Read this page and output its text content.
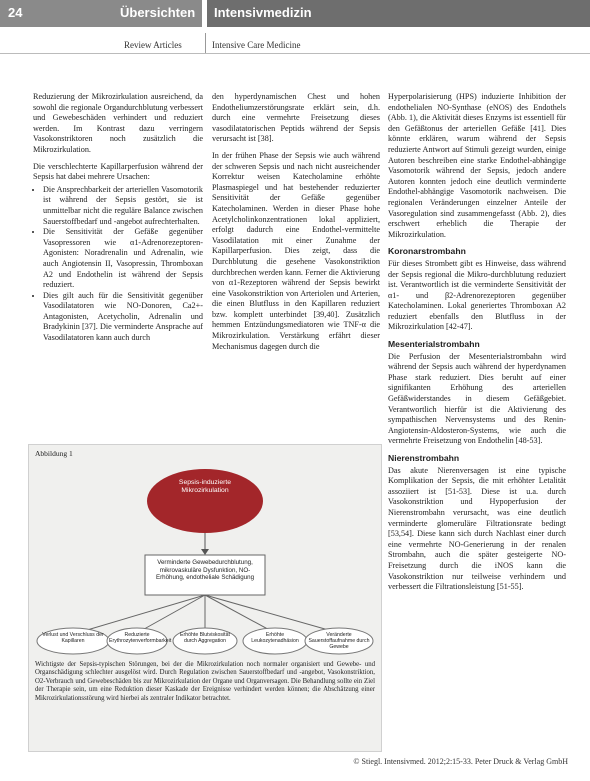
24	Übersichten Intensivmedizin
Review Articles	Intensive Care Medicine

Reduzierung der Mikrozirkulation ausreichend, da sowohl die regionale Organdurchblutung verbessert und Gewebeschäden verhindert und reduziert werden. Im Kontrast dazu verringern Vasokonstriktoren noch zusätzlich die Mikrozirkulation.

Die verschlechterte Kapillarperfusion während der Sepsis hat dabei mehrere Ursachen:

• Die Ansprechbarkeit der arteriellen Vasomotorik ist während der Sepsis gestört, sie ist unmittelbar nicht die reguläre Balance zwischen Sauerstoffbedarf und -angebot aufrechterhalten.
• Die Sensitivität der Gefäße gegenüber Vasopressoren wie α1-Adrenorezeptoren-Agonisten: Noradrenalin und Adrenalin, wie auch Angiotensin II, Vasopressin, Thromboxan A2 und Endothelin ist während der Sepsis reduziert.
• Dies gilt auch für die Sensitivität gegenüber Vasodilatatoren wie NO-Donoren, Ca2+-Antagonisten, Acetycholin, Adrenalin und Bradykinin [37]. Die verminderte Ansprache auf Vasodilatatoren kann auch durch

den hyperdynamischen Chest und hohen Endotheliumzerstörungsrate erklärt sein, d.h. durch eine vermehrte Freisetzung dieses vasodilatatorischen Peptids während der Sepsis verursacht ist [38].

In der frühen Phase der Sepsis wie auch während der schweren Sepsis und nach nicht ausreichender Korrektur weisen Katecholamine erhöhte Plasmaspiegel und hat bestehender reduzierter Sensitivität der Gefäße gegenüber Katecholaminen. Werden in dieser Phase hohe Acetylcholinkonzentrationen lokal appliziert, erfolgt dadurch eine Endothel-vermittelte Vasodilatation mit einer Zunahme der Kapillarperfusion. Dies zeigt, dass die Durchblutung die gesehene Vasokonstriktion durchbrechen werden kann. Ferner die Aktivierung von α1-Rezeptoren während der Sepsis bewirkt eine Vasokonstriktion von Arteriolen und Arterien, die einen Blutfluss in den Kapillaren reduziert bzw. komplett unterbindet [39,40]. Zusätzlich hemmen Entzündungsmediatoren wie TNF-α die Mikrozirkulation. Verstärkung erfährt dieser Mechanismus dagegen durch die

Hyperpolarisierung (HPS) induzierte Inhibition der endothelialen NO-Synthase (eNOS) des Endothels (Abb. 1), die Aktivität dieses Enzyms ist essentiell für den Gefäßtonus der arteriellen Gefäße [41]. Dies könnte erklären, warum während der Sepsis reduzierte Antwort auf Stimuli gezeigt wurden, einige Autoren beschreiben eine starke Endothel-abhängige Vasomotorik während der Sepsis, jedoch andere Autoren konnten jedoch eine deutlich verminderte Endothel-abhängige Vasomotorik nachweisen. Die regionalen Veränderungen einzelner Anteile der Vasoregulation sind zusammengefasst (Abb. 2), dies erschwert erheblich die Therapie der Mikrozirkulation.

Koronarstrombahn

Für dieses Strombett gibt es Hinweise, dass während der Sepsis regional die Mikro-durchblutung reduziert ist. Verantwortlich ist die verminderte Sensitivität der α1- und β2-Adrenorezeptoren gegenüber Katecholaminen. Lokal generiertes Thromboxan A2 reduziert ebenfalls den Blutfluss in der Mikrozirkulation [42-47].

Mesenterialstrombahn

Die Perfusion der Mesenterialstrombahn wird während der Sepsis auch während der hyperdynamen Phase stark reduziert. Dies beruht auf einer signifikanten Erhöhung des arteriellen Gefäßwiderstandes in diesem Gefäßgebiet. Verantwortlich hierfür ist die Aktivierung des sympathischen Nervensystems und des Renin-Angiotensin-Aldosteron-Systems, wie auch die vermehrte Freisetzung von Endothelin [48-53].

Nierenstrombahn

Das akute Nierenversagen ist eine typische Komplikation der Sepsis, die mit erhöhter Letalität assoziiert ist [51-53]. Diese ist u.a. durch Vasokonstriktion und Hypoperfusion der Nierenstrombahn verursacht, was eine deutlich verminderte glomeruläre Filtrationsrate bedingt [53,54]. Diese kann sich durch Nachlast einer durch eine vermehrte NO-Generierung in der renalen Strombahn, auch die später gesteigerte NO-Freisetzung durch die iNOS kann die Vasokonstriktion nur teilweise verhindern und verbessert die Filtrationsleistung [51-55].

Abbildung 1
Sepsis-induzierte Mikrozirkulation
Verminderte Gewebedurchblutung, mikrovaskuläre Dysfunktion, NO-Erhöhung, endotheliale Schädigung
Verlust und Verschluss der Kapillaren
Reduzierte Erythrozytenverformbarkeit
Erhöhte Blutviskosität durch Aggregation
Erhöhte Leukozytenadhäsion
Veränderte Sauerstoffaufnahme durch Gewebe
Wichtigste der Sepsis-typischen Störungen, bei der die Mikrozirkulation noch normaler organisiert und Gewebe- und Organschädigung schlechter ausgelöst wird. Durch Regulation zwischen Sauerstoffbedarf und -angebot, Vasokonstriktion, O2-Verbrauch und Gewebeschäden bis zur Mikrozirkulation der Organe und Organversagen. Die Behandlung sollte ein Ziel der Therapie sein, um eine Reduktion dieser Kaskade der Ereignisse verhindert werden können; die Abschätzung einer Mikrozirkulationsstörung wird hierbei als zentraler Indikator betrachtet.
© Stiegl. Intensivmed. 2012;2:15-33. Peter Druck & Verlag GmbH
